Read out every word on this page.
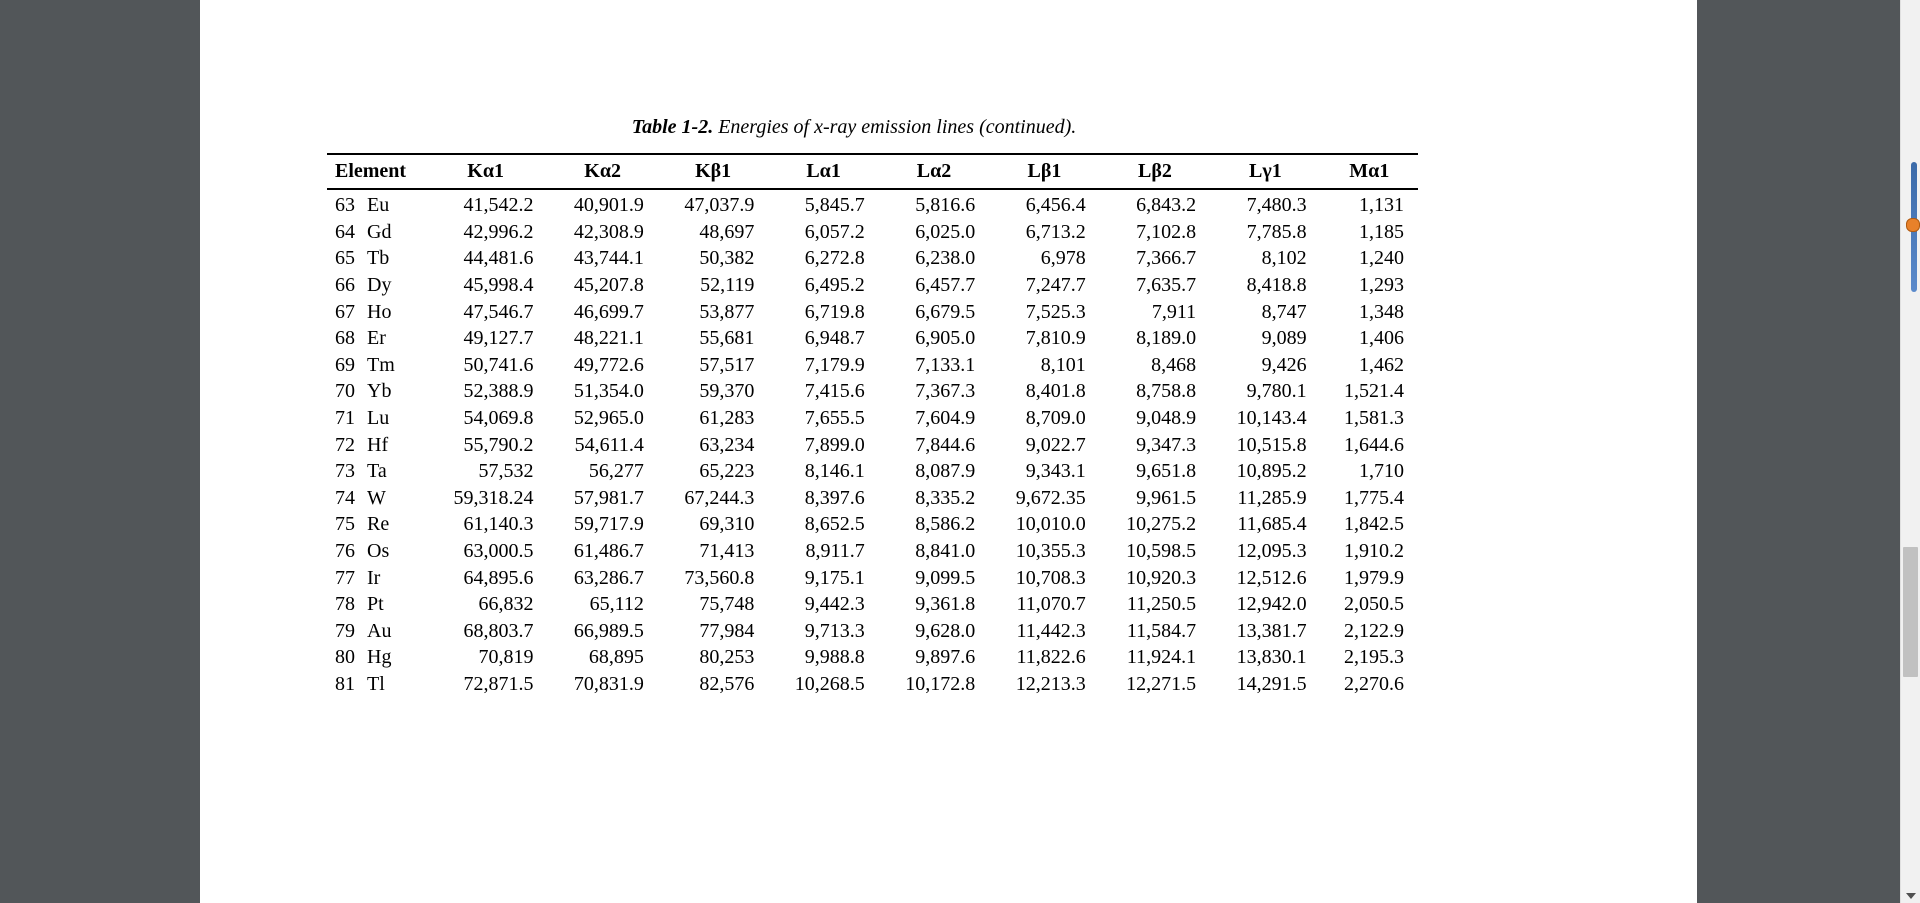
Table 1-2. Energies of x-ray emission lines (continued).
Element		Kα1	Kα2	Kβ1	Lα1	Lα2	Lβ1	Lβ2	Lγ1	Mα1
63	Eu	41,542.2	40,901.9	47,037.9	5,845.7	5,816.6	6,456.4	6,843.2	7,480.3	1,131
64	Gd	42,996.2	42,308.9	48,697	6,057.2	6,025.0	6,713.2	7,102.8	7,785.8	1,185
65	Tb	44,481.6	43,744.1	50,382	6,272.8	6,238.0	6,978	7,366.7	8,102	1,240
66	Dy	45,998.4	45,207.8	52,119	6,495.2	6,457.7	7,247.7	7,635.7	8,418.8	1,293
67	Ho	47,546.7	46,699.7	53,877	6,719.8	6,679.5	7,525.3	7,911	8,747	1,348
68	Er	49,127.7	48,221.1	55,681	6,948.7	6,905.0	7,810.9	8,189.0	9,089	1,406
69	Tm	50,741.6	49,772.6	57,517	7,179.9	7,133.1	8,101	8,468	9,426	1,462
70	Yb	52,388.9	51,354.0	59,370	7,415.6	7,367.3	8,401.8	8,758.8	9,780.1	1,521.4
71	Lu	54,069.8	52,965.0	61,283	7,655.5	7,604.9	8,709.0	9,048.9	10,143.4	1,581.3
72	Hf	55,790.2	54,611.4	63,234	7,899.0	7,844.6	9,022.7	9,347.3	10,515.8	1,644.6
73	Ta	57,532	56,277	65,223	8,146.1	8,087.9	9,343.1	9,651.8	10,895.2	1,710
74	W	59,318.24	57,981.7	67,244.3	8,397.6	8,335.2	9,672.35	9,961.5	11,285.9	1,775.4
75	Re	61,140.3	59,717.9	69,310	8,652.5	8,586.2	10,010.0	10,275.2	11,685.4	1,842.5
76	Os	63,000.5	61,486.7	71,413	8,911.7	8,841.0	10,355.3	10,598.5	12,095.3	1,910.2
77	Ir	64,895.6	63,286.7	73,560.8	9,175.1	9,099.5	10,708.3	10,920.3	12,512.6	1,979.9
78	Pt	66,832	65,112	75,748	9,442.3	9,361.8	11,070.7	11,250.5	12,942.0	2,050.5
79	Au	68,803.7	66,989.5	77,984	9,713.3	9,628.0	11,442.3	11,584.7	13,381.7	2,122.9
80	Hg	70,819	68,895	80,253	9,988.8	9,897.6	11,822.6	11,924.1	13,830.1	2,195.3
81	Tl	72,871.5	70,831.9	82,576	10,268.5	10,172.8	12,213.3	12,271.5	14,291.5	2,270.6
